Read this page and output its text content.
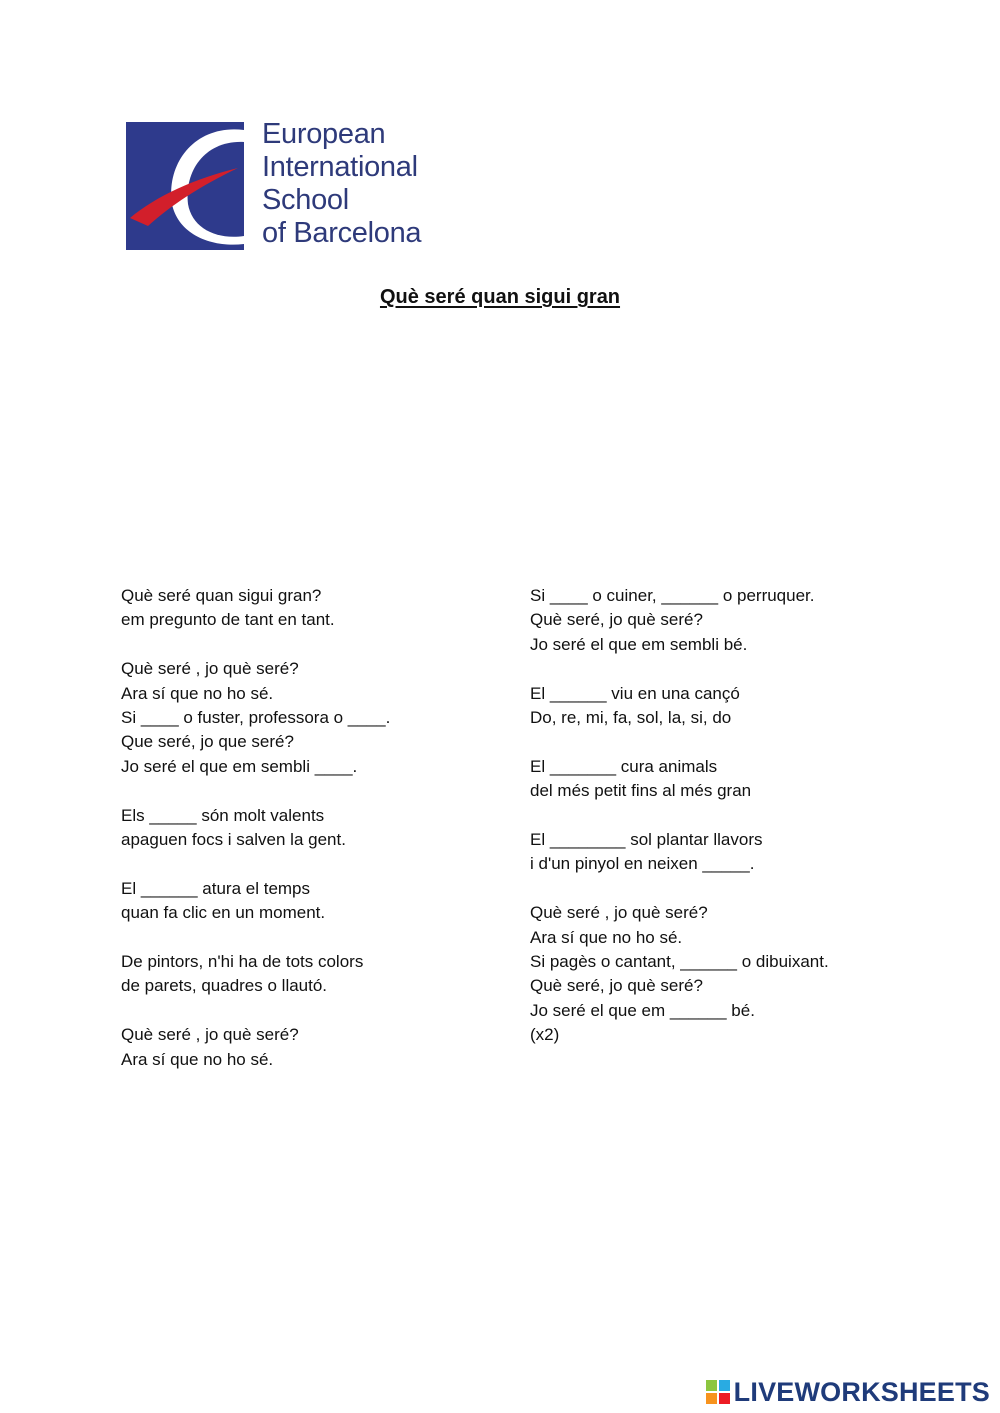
European
International
School
of Barcelona
Què seré quan sigui gran
Què seré quan sigui gran?
em pregunto de tant en tant.
Què seré , jo què seré?
Ara sí que no ho sé.
Si ____ o fuster, professora o ____.
Que seré, jo que seré?
Jo seré el que em sembli ____.
Els _____ són molt valents
apaguen focs i salven la gent.
El ______ atura el temps
quan fa clic en un moment.
De pintors, n'hi ha de tots colors
de parets, quadres o llautó.
Què seré , jo què seré?
Ara sí que no ho sé.
Si ____ o cuiner, ______ o perruquer.
Què seré, jo què seré?
Jo seré el que em sembli bé.
El ______ viu en una cançó
Do, re, mi, fa, sol, la, si, do
El _______ cura animals
del més petit fins al més gran
El ________ sol plantar llavors
i d'un pinyol en neixen _____.
Què seré , jo què seré?
Ara sí que no ho sé.
Si pagès o cantant, ______ o dibuixant.
Què seré, jo què seré?
Jo seré el que em ______ bé.
(x2)
LIVEWORKSHEETS
